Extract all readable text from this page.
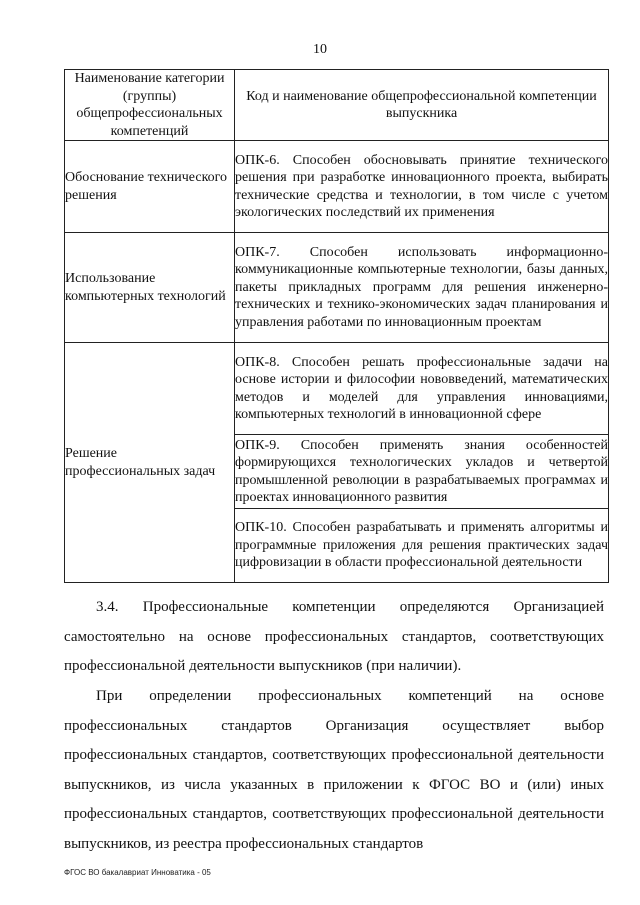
10
Наименование категории (группы) общепрофессиональных компетенций	Код и наименование общепрофессиональной компетенции выпускника
Обоснование технического решения	ОПК-6. Способен обосновывать принятие технического решения при разработке инновационного проекта, выбирать технические средства и технологии, в том числе с учетом экологических последствий их применения
Использование компьютерных технологий	ОПК-7. Способен использовать информационно-коммуникационные компьютерные технологии, базы данных, пакеты прикладных программ для решения инженерно-технических и технико-экономических задач планирования и управления работами по инновационным проектам
Решение профессиональных задач	ОПК-8. Способен решать профессиональные задачи на основе истории и философии нововведений, математических методов и моделей для управления инновациями, компьютерных технологий в инновационной сфере
	ОПК-9. Способен применять знания особенностей формирующихся технологических укладов и четвертой промышленной революции в разрабатываемых программах и проектах инновационного развития
	ОПК-10. Способен разрабатывать и применять алгоритмы и программные приложения для решения практических задач цифровизации в области профессиональной деятельности
3.4. Профессиональные компетенции определяются Организацией самостоятельно на основе профессиональных стандартов, соответствующих профессиональной деятельности выпускников (при наличии).
При определении профессиональных компетенций на основе профессиональных стандартов Организация осуществляет выбор профессиональных стандартов, соответствующих профессиональной деятельности выпускников, из числа указанных в приложении к ФГОС ВО и (или) иных профессиональных стандартов, соответствующих профессиональной деятельности выпускников, из реестра профессиональных стандартов
ФГОС ВО бакалавриат Инноватика - 05
